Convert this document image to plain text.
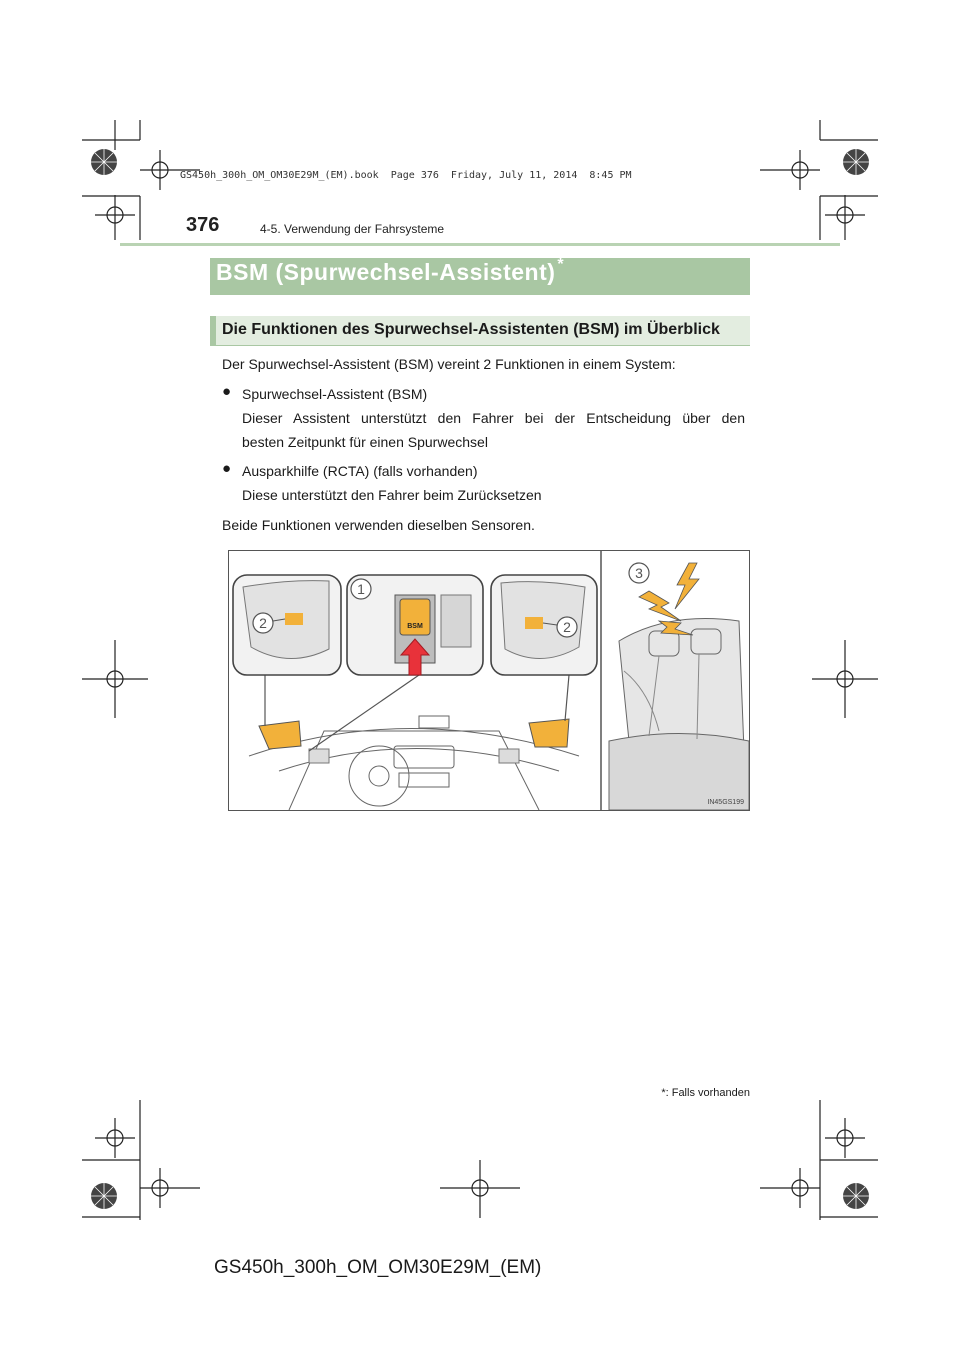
GS450h_300h_OM_OM30E29M_(EM).book  Page 376  Friday, July 11, 2014  8:45 PM
376	4-5. Verwendung der Fahrsysteme
BSM (Spurwechsel-Assistent) *
Die Funktionen des Spurwechsel-Assistenten (BSM) im Überblick
Der Spurwechsel-Assistent (BSM) vereint 2 Funktionen in einem System:
● Spurwechsel-Assistent (BSM)
Dieser Assistent unterstützt den Fahrer bei der Entscheidung über den
besten Zeitpunkt für einen Spurwechsel
● Ausparkhilfe (RCTA) (falls vorhanden)
Diese unterstützt den Fahrer beim Zurücksetzen
Beide Funktionen verwenden dieselben Sensoren.
BSM
1
2	2
3
IN45GS199
*: Falls vorhanden
GS450h_300h_OM_OM30E29M_(EM)
